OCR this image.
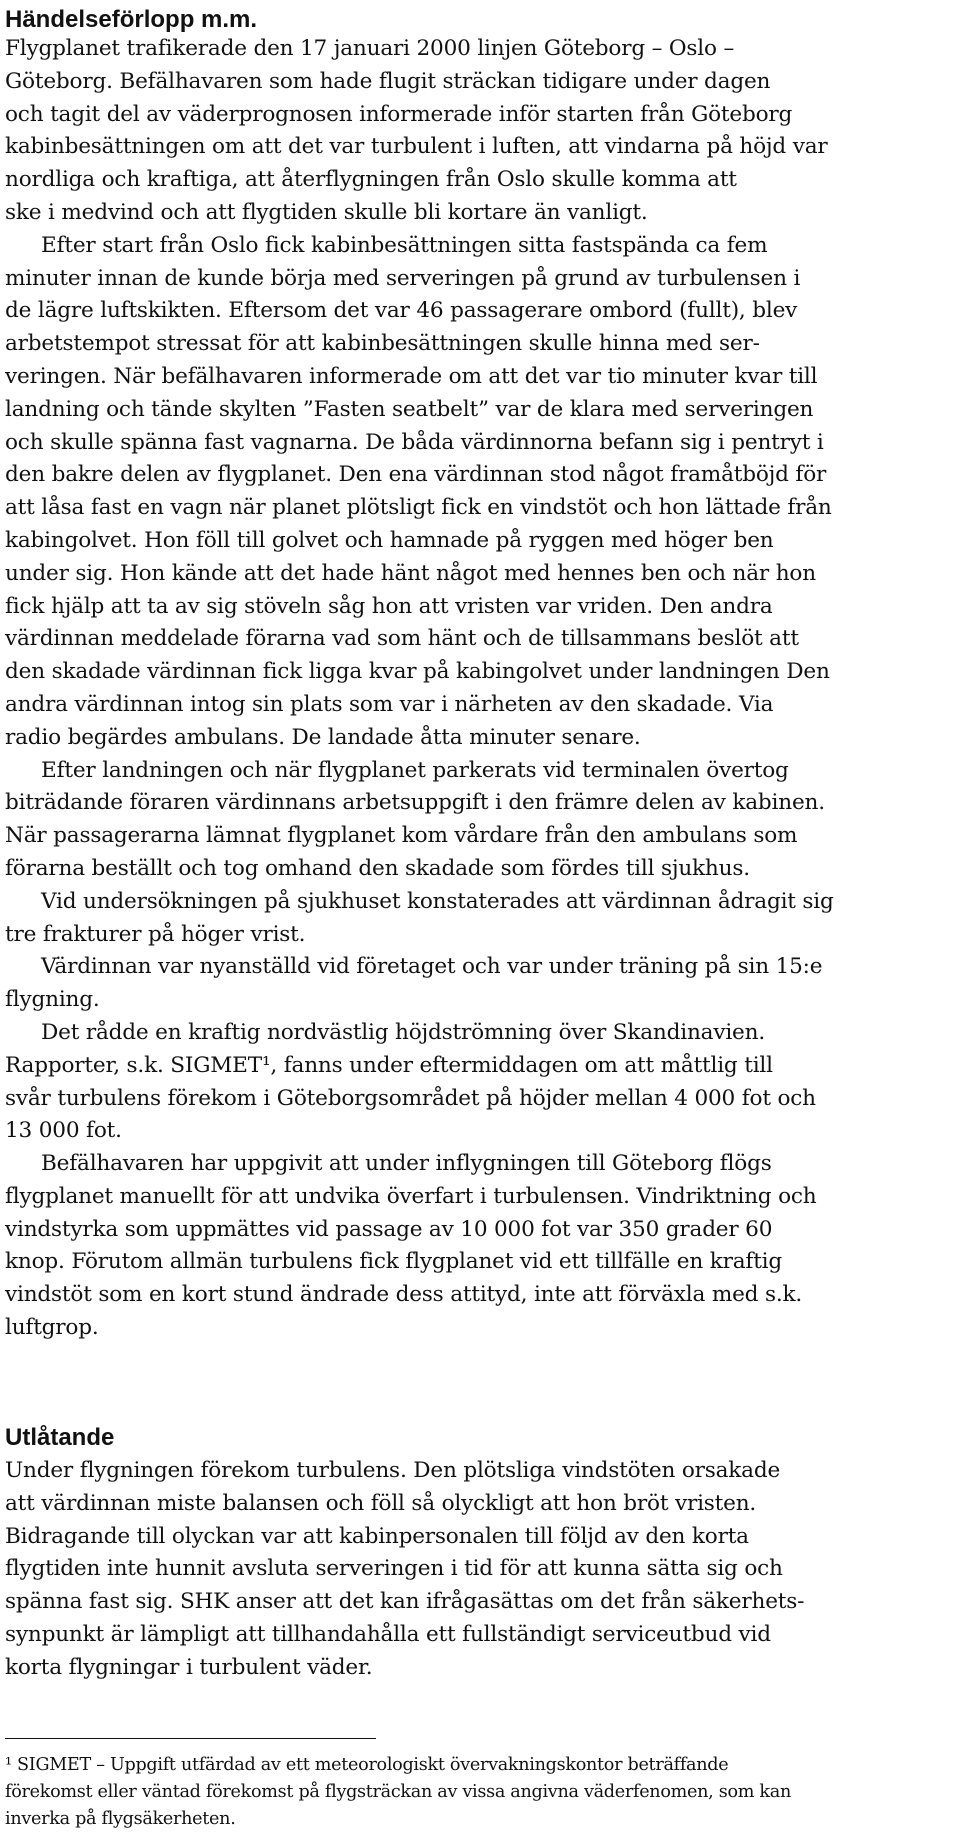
Händelseförlopp m.m.
Flygplanet trafikerade den 17 januari 2000 linjen Göteborg – Oslo –
Göteborg. Befälhavaren som hade flugit sträckan tidigare under dagen
och tagit del av väderprognosen informerade inför starten från Göteborg
kabinbesättningen om att det var turbulent i luften, att vindarna på höjd var
nordliga och kraftiga, att återflygningen från Oslo skulle komma att
ske i medvind och att flygtiden skulle bli kortare än vanligt.
Efter start från Oslo fick kabinbesättningen sitta fastspända ca fem
minuter innan de kunde börja med serveringen på grund av turbulensen i
de lägre luftskikten. Eftersom det var 46 passagerare ombord (fullt), blev
arbetstempot stressat för att kabinbesättningen skulle hinna med ser-
veringen. När befälhavaren informerade om att det var tio minuter kvar till
landning och tände skylten ”Fasten seatbelt” var de klara med serveringen
och skulle spänna fast vagnarna. De båda värdinnorna befann sig i pentryt i
den bakre delen av flygplanet. Den ena värdinnan stod något framåtböjd för
att låsa fast en vagn när planet plötsligt fick en vindstöt och hon lättade från
kabingolvet. Hon föll till golvet och hamnade på ryggen med höger ben
under sig. Hon kände att det hade hänt något med hennes ben och när hon
fick hjälp att ta av sig stöveln såg hon att vristen var vriden. Den andra
värdinnan meddelade förarna vad som hänt och de tillsammans beslöt att
den skadade värdinnan fick ligga kvar på kabingolvet under landningen Den
andra värdinnan intog sin plats som var i närheten av den skadade. Via
radio begärdes ambulans. De landade åtta minuter senare.
Efter landningen och när flygplanet parkerats vid terminalen övertog
biträdande föraren värdinnans arbetsuppgift i den främre delen av kabinen.
När passagerarna lämnat flygplanet kom vårdare från den ambulans som
förarna beställt och tog omhand den skadade som fördes till sjukhus.
Vid undersökningen på sjukhuset konstaterades att värdinnan ådragit sig
tre frakturer på höger vrist.
Värdinnan var nyanställd vid företaget och var under träning på sin 15:e
flygning.
Det rådde en kraftig nordvästlig höjdströmning över Skandinavien.
Rapporter, s.k. SIGMET¹, fanns under eftermiddagen om att måttlig till
svår turbulens förekom i Göteborgsområdet på höjder mellan 4 000 fot och
13 000 fot.
Befälhavaren har uppgivit att under inflygningen till Göteborg flögs
flygplanet manuellt för att undvika överfart i turbulensen. Vindriktning och
vindstyrka som uppmättes vid passage av 10 000 fot var 350 grader 60
knop. Förutom allmän turbulens fick flygplanet vid ett tillfälle en kraftig
vindstöt som en kort stund ändrade dess attityd, inte att förväxla med s.k.
luftgrop.
Utlåtande
Under flygningen förekom turbulens. Den plötsliga vindstöten orsakade
att värdinnan miste balansen och föll så olyckligt att hon bröt vristen.
Bidragande till olyckan var att kabinpersonalen till följd av den korta
flygtiden inte hunnit avsluta serveringen i tid för att kunna sätta sig och
spänna fast sig. SHK anser att det kan ifrågasättas om det från säkerhets-
synpunkt är lämpligt att tillhandahålla ett fullständigt serviceutbud vid
korta flygningar i turbulent väder.
¹ SIGMET – Uppgift utfärdad av ett meteorologiskt övervakningskontor beträffande
förekomst eller väntad förekomst på flygsträckan av vissa angivna väderfenomen, som kan
inverka på flygsäkerheten.
